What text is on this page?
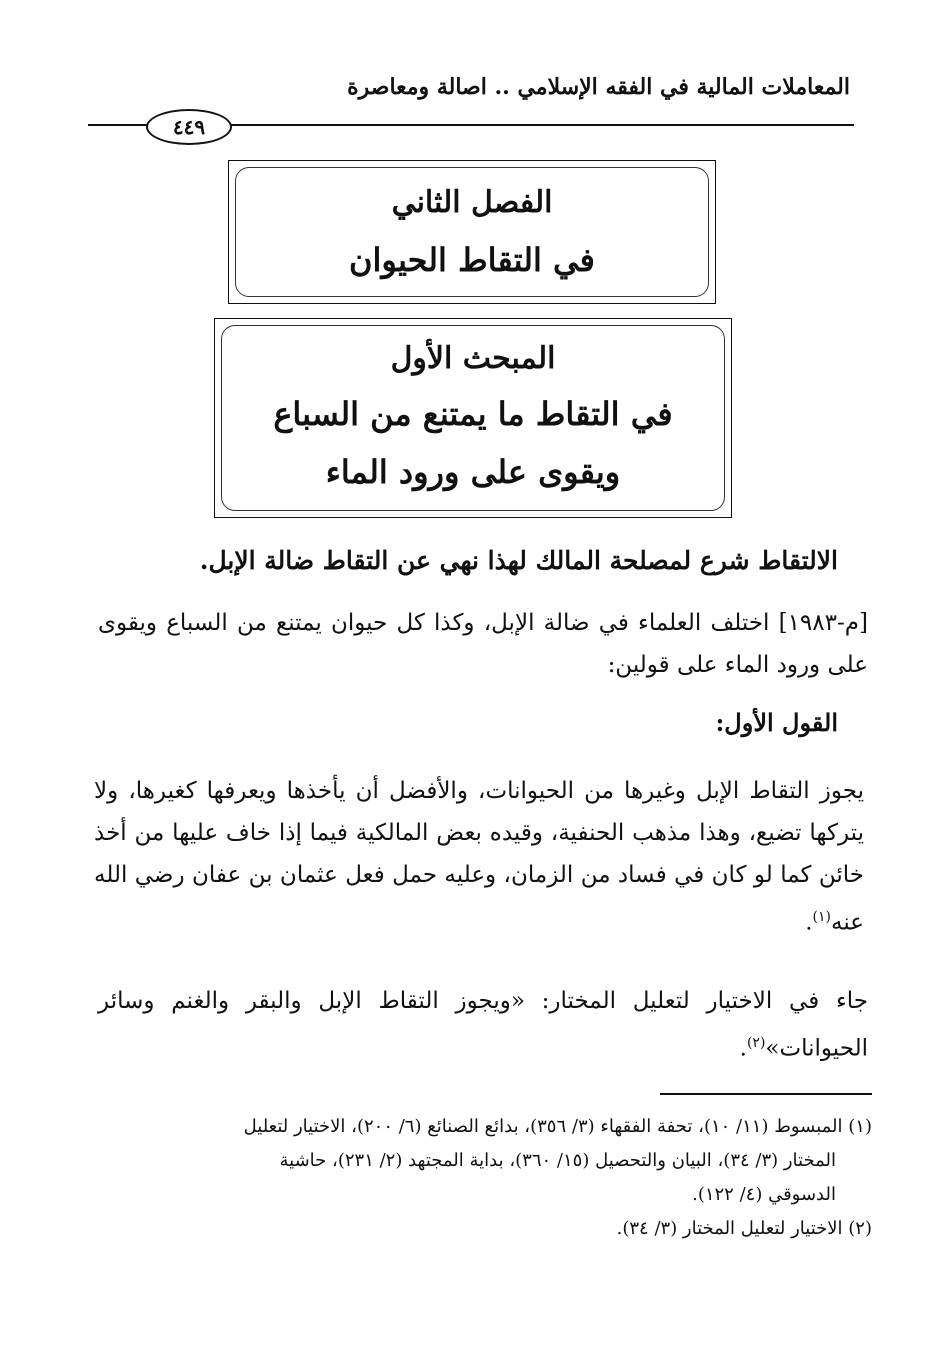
المعاملات المالية في الفقه الإسلامي .. اصالة ومعاصرة
٤٤٩
الفصل الثاني
في التقاط الحيوان
المبحث الأول
في التقاط ما يمتنع من السباع
ويقوى على ورود الماء
الالتقاط شرع لمصلحة المالك لهذا نهي عن التقاط ضالة الإبل.
[م-١٩٨٣] اختلف العلماء في ضالة الإبل، وكذا كل حيوان يمتنع من السباع ويقوى على ورود الماء على قولين:
القول الأول:
يجوز التقاط الإبل وغيرها من الحيوانات، والأفضل أن يأخذها ويعرفها كغيرها، ولا يتركها تضيع، وهذا مذهب الحنفية، وقيده بعض المالكية فيما إذا خاف عليها من أخذ خائن كما لو كان في فساد من الزمان، وعليه حمل فعل عثمان بن عفان رضي الله عنه$^{(١)}$.
جاء في الاختيار لتعليل المختار: «ويجوز التقاط الإبل والبقر والغنم وسائر الحيوانات»$^{(٢)}$.
(١) المبسوط (١١/ ١٠)، تحفة الفقهاء (٣/ ٣٥٦)، بدائع الصنائع (٦/ ٢٠٠)، الاختيار لتعليل
المختار (٣/ ٣٤)، البيان والتحصيل (١٥/ ٣٦٠)، بداية المجتهد (٢/ ٢٣١)، حاشية
الدسوقي (٤/ ١٢٢).
(٢) الاختيار لتعليل المختار (٣/ ٣٤).
